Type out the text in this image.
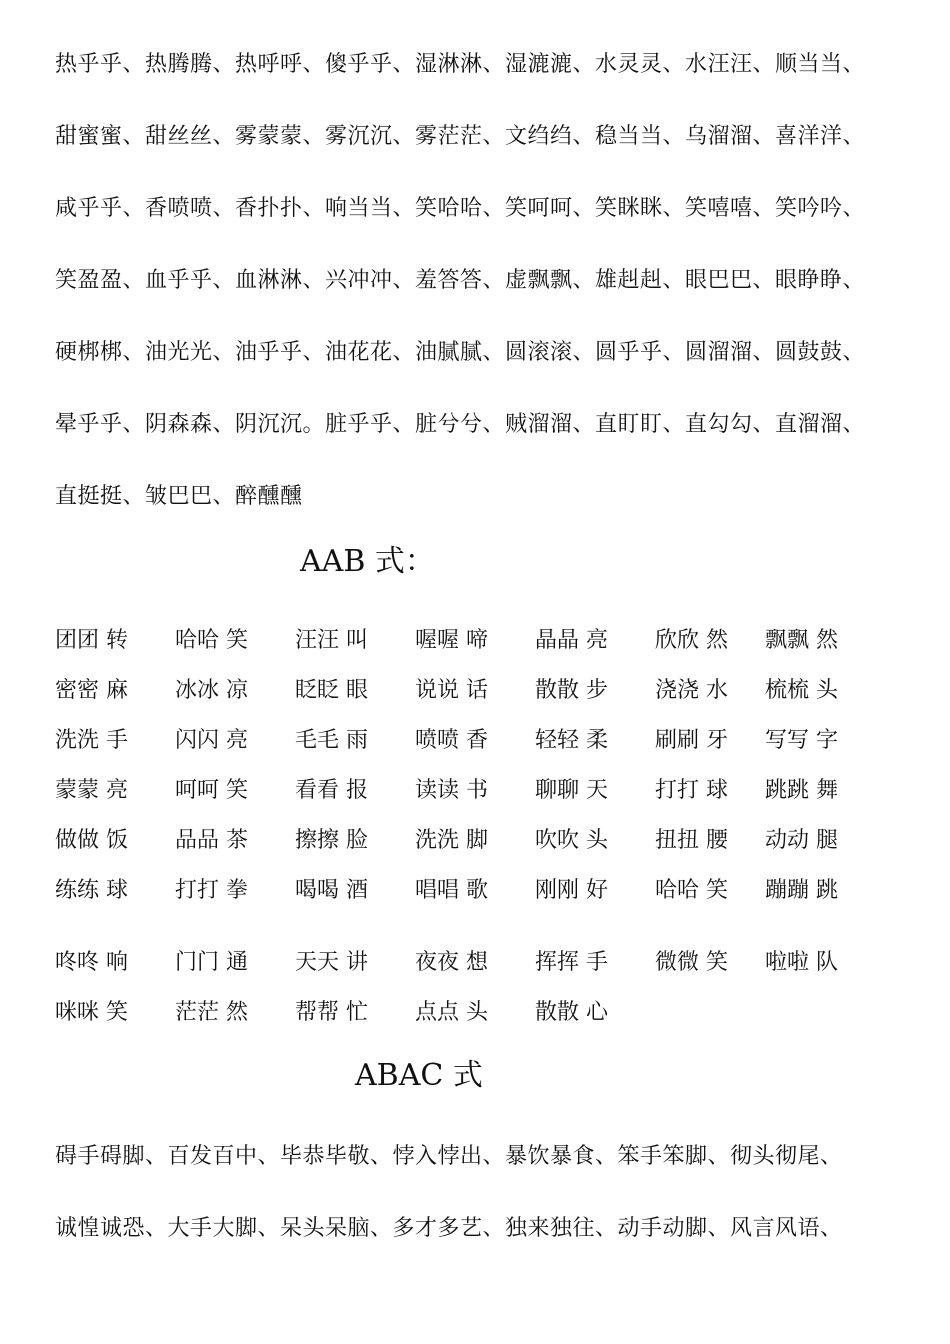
热乎乎、热腾腾、热呼呼、傻乎乎、湿淋淋、湿漉漉、水灵灵、水汪汪、顺当当、
甜蜜蜜、甜丝丝、雾蒙蒙、雾沉沉、雾茫茫、文绉绉、稳当当、乌溜溜、喜洋洋、
咸乎乎、香喷喷、香扑扑、响当当、笑哈哈、笑呵呵、笑眯眯、笑嘻嘻、笑吟吟、
笑盈盈、血乎乎、血淋淋、兴冲冲、羞答答、虚飘飘、雄赳赳、眼巴巴、眼睁睁、
硬梆梆、油光光、油乎乎、油花花、油腻腻、圆滚滚、圆乎乎、圆溜溜、圆鼓鼓、
晕乎乎、阴森森、阴沉沉。脏乎乎、脏兮兮、贼溜溜、直盯盯、直勾勾、直溜溜、
直挺挺、皱巴巴、醉醺醺
AAB 式：
团团 转 哈哈 笑 汪汪 叫 喔喔 啼 晶晶 亮 欣欣 然 飘飘 然
密密 麻 冰冰 凉 眨眨 眼 说说 话 散散 步 浇浇 水 梳梳 头
洗洗 手 闪闪 亮 毛毛 雨 喷喷 香 轻轻 柔 刷刷 牙 写写 字
蒙蒙 亮 呵呵 笑 看看 报 读读 书 聊聊 天 打打 球 跳跳 舞
做做 饭 品品 茶 擦擦 脸 洗洗 脚 吹吹 头 扭扭 腰 动动 腿
练练 球 打打 拳 喝喝 酒 唱唱 歌 刚刚 好 哈哈 笑 蹦蹦 跳
咚咚 响 门门 通 天天 讲 夜夜 想 挥挥 手 微微 笑 啦啦 队
咪咪 笑 茫茫 然 帮帮 忙 点点 头 散散 心
ABAC 式
碍手碍脚、百发百中、毕恭毕敬、悖入悖出、暴饮暴食、笨手笨脚、彻头彻尾、
诚惶诚恐、大手大脚、呆头呆脑、多才多艺、独来独往、动手动脚、风言风语、
